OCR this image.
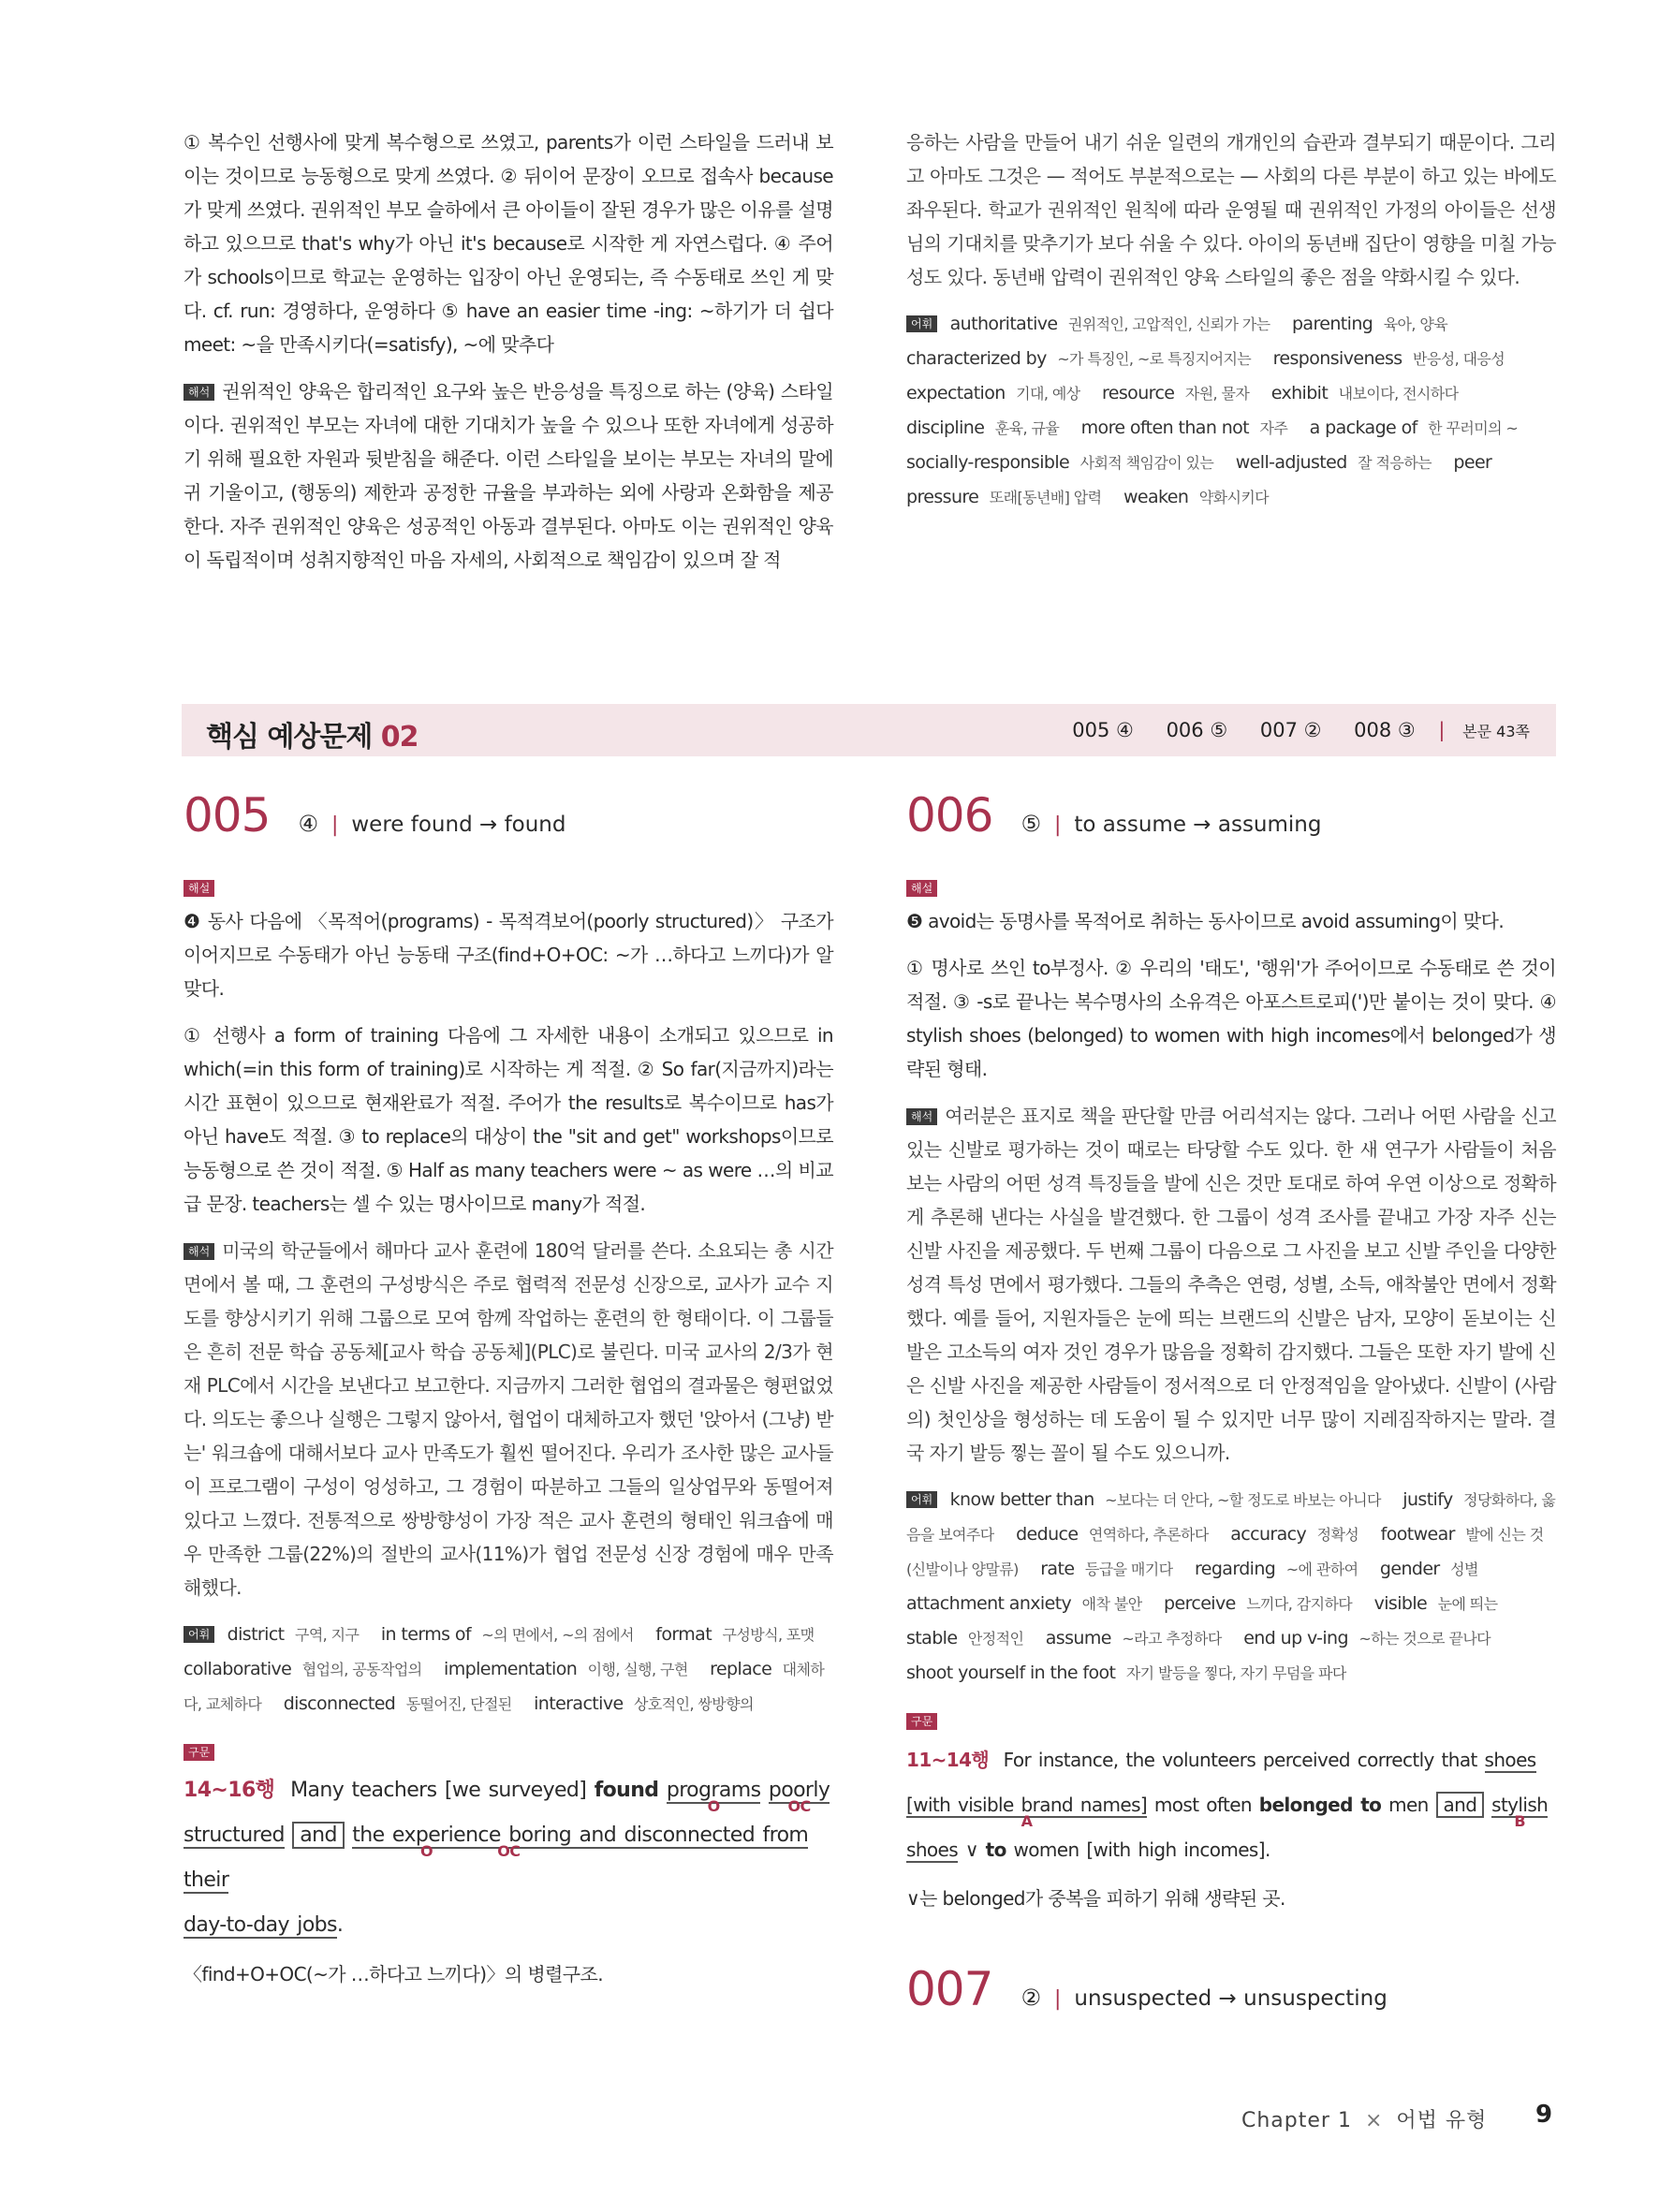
① 복수인 선행사에 맞게 복수형으로 쓰였고, parents가 이런 스타일을 드러내 보이는 것이므로 능동형으로 맞게 쓰였다. ② 뒤이어 문장이 오므로 접속사 because가 맞게 쓰였다. 권위적인 부모 슬하에서 큰 아이들이 잘된 경우가 많은 이유를 설명하고 있으므로 that's why가 아닌 it's because로 시작한 게 자연스럽다. ④ 주어가 schools이므로 학교는 운영하는 입장이 아닌 운영되는, 즉 수동태로 쓰인 게 맞다. cf. run: 경영하다, 운영하다 ⑤ have an easier time -ing: ~하기가 더 쉽다 meet: ~을 만족시키다(=satisfy), ~에 맞추다

해석 권위적인 양육은 합리적인 요구와 높은 반응성을 특징으로 하는 (양육) 스타일이다. 권위적인 부모는 자녀에 대한 기대치가 높을 수 있으나 또한 자녀에게 성공하기 위해 필요한 자원과 뒷받침을 해준다. 이런 스타일을 보이는 부모는 자녀의 말에 귀 기울이고, (행동의) 제한과 공정한 규율을 부과하는 외에 사랑과 온화함을 제공한다. 자주 권위적인 양육은 성공적인 아동과 결부된다. 아마도 이는 권위적인 양육이 독립적이며 성취지향적인 마음 자세의, 사회적으로 책임감이 있으며 잘 적

응하는 사람을 만들어 내기 쉬운 일련의 개개인의 습관과 결부되기 때문이다. 그리고 아마도 그것은 — 적어도 부분적으로는 — 사회의 다른 부분이 하고 있는 바에도 좌우된다. 학교가 권위적인 원칙에 따라 운영될 때 권위적인 가정의 아이들은 선생님의 기대치를 맞추기가 보다 쉬울 수 있다. 아이의 동년배 집단이 영향을 미칠 가능성도 있다. 동년배 압력이 권위적인 양육 스타일의 좋은 점을 약화시킬 수 있다.

어휘 authoritative 권위적인, 고압적인, 신뢰가 가는 parenting 육아, 양육 characterized by ~가 특징인, ~로 특징지어지는 responsiveness 반응성, 대응성 expectation 기대, 예상 resource 자원, 물자 exhibit 내보이다, 전시하다 discipline 훈육, 규율 more often than not 자주 a package of 한 꾸러미의 ~ socially-responsible 사회적 책임감이 있는 well-adjusted 잘 적응하는 peer pressure 또래[동년배] 압력 weaken 약화시키다
핵심 예상문제 02	005 ④ 006 ⑤ 007 ② 008 ③ | 본문 43쪽
005 ④ | were found → found
해설

❹ 동사 다음에 〈목적어(programs) - 목적격보어(poorly structured)〉 구조가 이어지므로 수동태가 아닌 능동태 구조(find+O+OC: ~가 …하다고 느끼다)가 알맞다.

① 선행사 a form of training 다음에 그 자세한 내용이 소개되고 있으므로 in which(=in this form of training)로 시작하는 게 적절. ② So far(지금까지)라는 시간 표현이 있으므로 현재완료가 적절. 주어가 the results로 복수이므로 has가 아닌 have도 적절. ③ to replace의 대상이 the "sit and get" workshops이므로 능동형으로 쓴 것이 적절. ⑤ Half as many teachers were ~ as were …의 비교급 문장. teachers는 셀 수 있는 명사이므로 many가 적절.

해석 미국의 학군들에서 해마다 교사 훈련에 180억 달러를 쓴다. 소요되는 총 시간 면에서 볼 때, 그 훈련의 구성방식은 주로 협력적 전문성 신장으로, 교사가 교수 지도를 향상시키기 위해 그룹으로 모여 함께 작업하는 훈련의 한 형태이다. 이 그룹들은 흔히 전문 학습 공동체[교사 학습 공동체](PLC)로 불린다. 미국 교사의 2/3가 현재 PLC에서 시간을 보낸다고 보고한다. 지금까지 그러한 협업의 결과물은 형편없었다. 의도는 좋으나 실행은 그렇지 않아서, 협업이 대체하고자 했던 '앉아서 (그냥) 받는' 워크숍에 대해서보다 교사 만족도가 훨씬 떨어진다. 우리가 조사한 많은 교사들이 프로그램이 구성이 엉성하고, 그 경험이 따분하고 그들의 일상업무와 동떨어져 있다고 느꼈다. 전통적으로 쌍방향성이 가장 적은 교사 훈련의 형태인 워크숍에 매우 만족한 그룹(22%)의 절반의 교사(11%)가 협업 전문성 신장 경험에 매우 만족해했다.

어휘 district 구역, 지구 in terms of ~의 면에서, ~의 점에서 format 구성방식, 포맷 collaborative 협업의, 공동작업의 implementation 이행, 실행, 구현 replace 대체하다, 교체하다 disconnected 동떨어진, 단절된 interactive 상호적인, 쌍방향의
구문
14~16행 Many teachers [we surveyed] found programs
O
poorly
OC

structured and the experience
O
boring and disconnected from their
OC

day-to-day jobs.

〈find+O+OC(~가 …하다고 느끼다)〉의 병렬구조.

006 ⑤ | to assume → assuming
해설

❺ avoid는 동명사를 목적어로 취하는 동사이므로 avoid assuming이 맞다.

① 명사로 쓰인 to부정사. ② 우리의 '태도', '행위'가 주어이므로 수동태로 쓴 것이 적절. ③ -s로 끝나는 복수명사의 소유격은 아포스트로피(')만 붙이는 것이 맞다. ④ stylish shoes (belonged) to women with high incomes에서 belonged가 생략된 형태.

해석 여러분은 표지로 책을 판단할 만큼 어리석지는 않다. 그러나 어떤 사람을 신고 있는 신발로 평가하는 것이 때로는 타당할 수도 있다. 한 새 연구가 사람들이 처음 보는 사람의 어떤 성격 특징들을 발에 신은 것만 토대로 하여 우연 이상으로 정확하게 추론해 낸다는 사실을 발견했다. 한 그룹이 성격 조사를 끝내고 가장 자주 신는 신발 사진을 제공했다. 두 번째 그룹이 다음으로 그 사진을 보고 신발 주인을 다양한 성격 특성 면에서 평가했다. 그들의 추측은 연령, 성별, 소득, 애착불안 면에서 정확했다. 예를 들어, 지원자들은 눈에 띄는 브랜드의 신발은 남자, 모양이 돋보이는 신발은 고소득의 여자 것인 경우가 많음을 정확히 감지했다. 그들은 또한 자기 발에 신은 신발 사진을 제공한 사람들이 정서적으로 더 안정적임을 알아냈다. 신발이 (사람의) 첫인상을 형성하는 데 도움이 될 수 있지만 너무 많이 지레짐작하지는 말라. 결국 자기 발등 찧는 꼴이 될 수도 있으니까.

어휘 know better than ~보다는 더 안다, ~할 정도로 바보는 아니다 justify 정당화하다, 옳음을 보여주다 deduce 연역하다, 추론하다 accuracy 정확성 footwear 발에 신는 것(신발이나 양말류) rate 등급을 매기다 regarding ~에 관하여 gender 성별 attachment anxiety 애착 불안 perceive 느끼다, 감지하다 visible 눈에 띄는 stable 안정적인 assume ~라고 추정하다 end up v-ing ~하는 것으로 끝나다 shoot yourself in the foot 자기 발등을 찧다, 자기 무덤을 파다
구문
11~14행 For instance, the volunteers perceived correctly that shoes
[with visible brand names]
A
most often belonged to men and stylish
B

shoes ∨ to women [with high incomes].

∨는 belonged가 중복을 피하기 위해 생략된 곳.

007 ② | unsuspected → unsuspecting
Chapter 1 × 어법 유형 9
